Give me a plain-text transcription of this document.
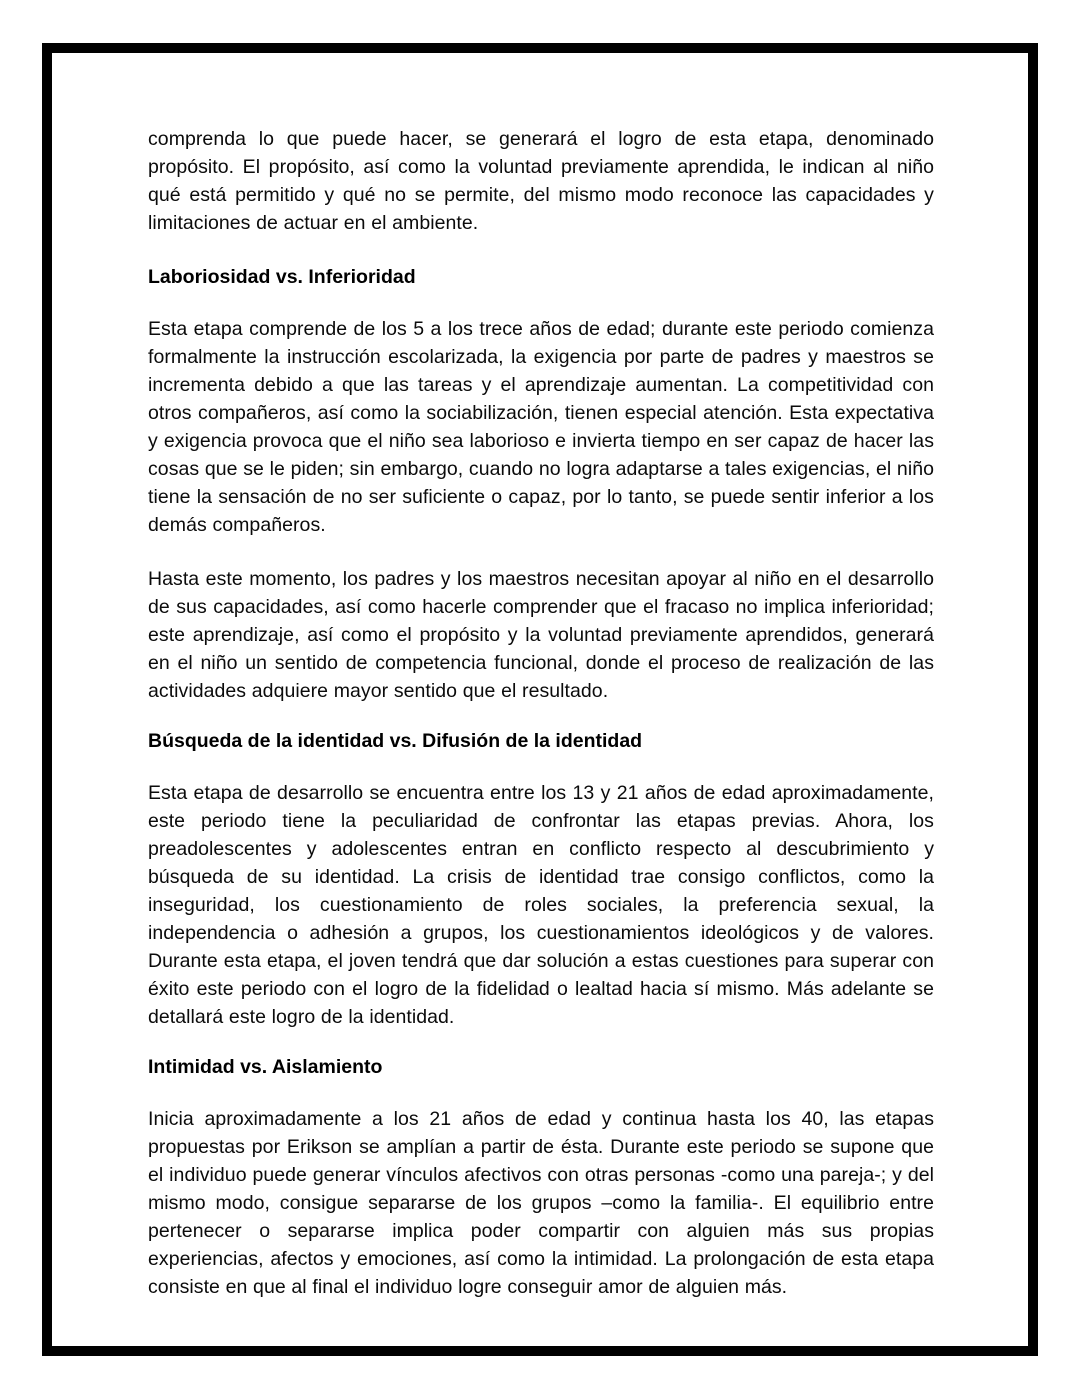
comprenda lo que puede hacer, se generará el logro de esta etapa, denominado propósito. El propósito, así como la voluntad previamente aprendida, le indican al niño qué está permitido y qué no se permite, del mismo modo reconoce las capacidades y limitaciones de actuar en el ambiente.

Laboriosidad vs. Inferioridad

Esta etapa comprende de los 5 a los trece años de edad; durante este periodo comienza formalmente la instrucción escolarizada, la exigencia por parte de padres y maestros se incrementa debido a que las tareas y el aprendizaje aumentan. La competitividad con otros compañeros, así como la sociabilización, tienen especial atención. Esta expectativa y exigencia provoca que el niño sea laborioso e invierta tiempo en ser capaz de hacer las cosas que se le piden; sin embargo, cuando no logra adaptarse a tales exigencias, el niño tiene la sensación de no ser suficiente o capaz, por lo tanto, se puede sentir inferior a los demás compañeros.

Hasta este momento, los padres y los maestros necesitan apoyar al niño en el desarrollo de sus capacidades, así como hacerle comprender que el fracaso no implica inferioridad; este aprendizaje, así como el propósito y la voluntad previamente aprendidos, generará en el niño un sentido de competencia funcional, donde el proceso de realización de las actividades adquiere mayor sentido que el resultado.

Búsqueda de la identidad vs. Difusión de la identidad

Esta etapa de desarrollo se encuentra entre los 13 y 21 años de edad aproximadamente, este periodo tiene la peculiaridad de confrontar las etapas previas. Ahora, los preadolescentes y adolescentes entran en conflicto respecto al descubrimiento y búsqueda de su identidad. La crisis de identidad trae consigo conflictos, como la inseguridad, los cuestionamiento de roles sociales, la preferencia sexual, la independencia o adhesión a grupos, los cuestionamientos ideológicos y de valores. Durante esta etapa, el joven tendrá que dar solución a estas cuestiones para superar con éxito este periodo con el logro de la fidelidad o lealtad hacia sí mismo. Más adelante se detallará este logro de la identidad.

Intimidad vs. Aislamiento

Inicia aproximadamente a los 21 años de edad y continua hasta los 40, las etapas propuestas por Erikson se amplían a partir de ésta. Durante este periodo se supone que el individuo puede generar vínculos afectivos con otras personas -como una pareja-; y del mismo modo, consigue separarse de los grupos –como la familia-. El equilibrio entre pertenecer o separarse implica poder compartir con alguien más sus propias experiencias, afectos y emociones, así como la intimidad. La prolongación de esta etapa consiste en que al final el individuo logre conseguir amor de alguien más.
